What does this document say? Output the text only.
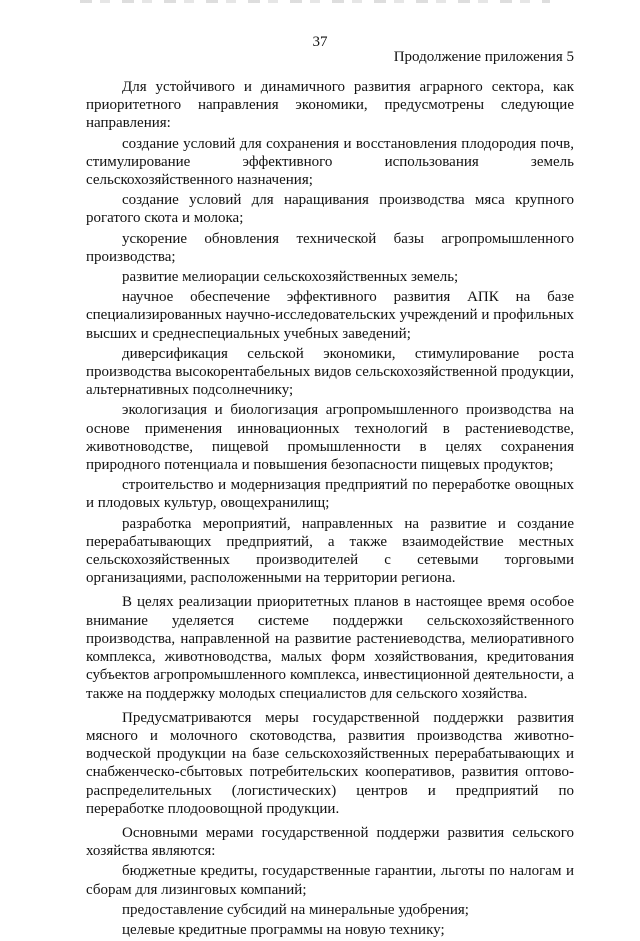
37
Продолжение приложения 5

Для устойчивого и динамичного развития аграрного сектора, как приоритетного направления экономики, предусмотрены следующие направления:

создание условий для сохранения и восстановления плодородия почв, стимулирование эффективного использования земель сельскохозяйственного назначения;

создание условий для наращивания производства мяса крупного рогатого скота и молока;

ускорение обновления технической базы агропромышленного производства;

развитие мелиорации сельскохозяйственных земель;

научное обеспечение эффективного развития АПК на базе специализированных научно-исследовательских учреждений и профильных высших и среднеспециальных учебных заведений;

диверсификация сельской экономики, стимулирование роста производства высокорентабельных видов сельскохозяйственной продукции, альтернативных подсолнечнику;

экологизация и биологизация агропромышленного производства на основе применения инновационных технологий в растениеводстве, животноводстве, пищевой промышленности в целях сохранения природного потенциала и повышения безопасности пищевых продуктов;

строительство и модернизация предприятий по переработке овощных и плодовых культур, овощехранилищ;

разработка мероприятий, направленных на развитие и создание перерабатывающих предприятий, а также взаимодействие местных сельскохозяйственных производителей с сетевыми торговыми организациями, расположенными на территории региона.

В целях реализации приоритетных планов в настоящее время особое внимание уделяется системе поддержки сельскохозяйственного производства, направленной на развитие растениеводства, мелиоративного комплекса, животноводства, малых форм хозяйствования, кредитования субъектов агропромышленного комплекса, инвестиционной деятельности, а также на поддержку молодых специалистов для сельского хозяйства.

Предусматриваются меры государственной поддержки развития мясного и молочного скотоводства, развития производства животно-водческой продукции на базе сельскохозяйственных перерабатывающих и снабженческо-сбытовых потребительских кооперативов, развития оптово-распределительных (логистических) центров и предприятий по переработке плодоовощной продукции.

Основными мерами государственной поддержи развития сельского хозяйства являются:

бюджетные кредиты, государственные гарантии, льготы по налогам и сборам для лизинговых компаний;

предоставление субсидий на минеральные удобрения;

целевые кредитные программы на новую технику;
